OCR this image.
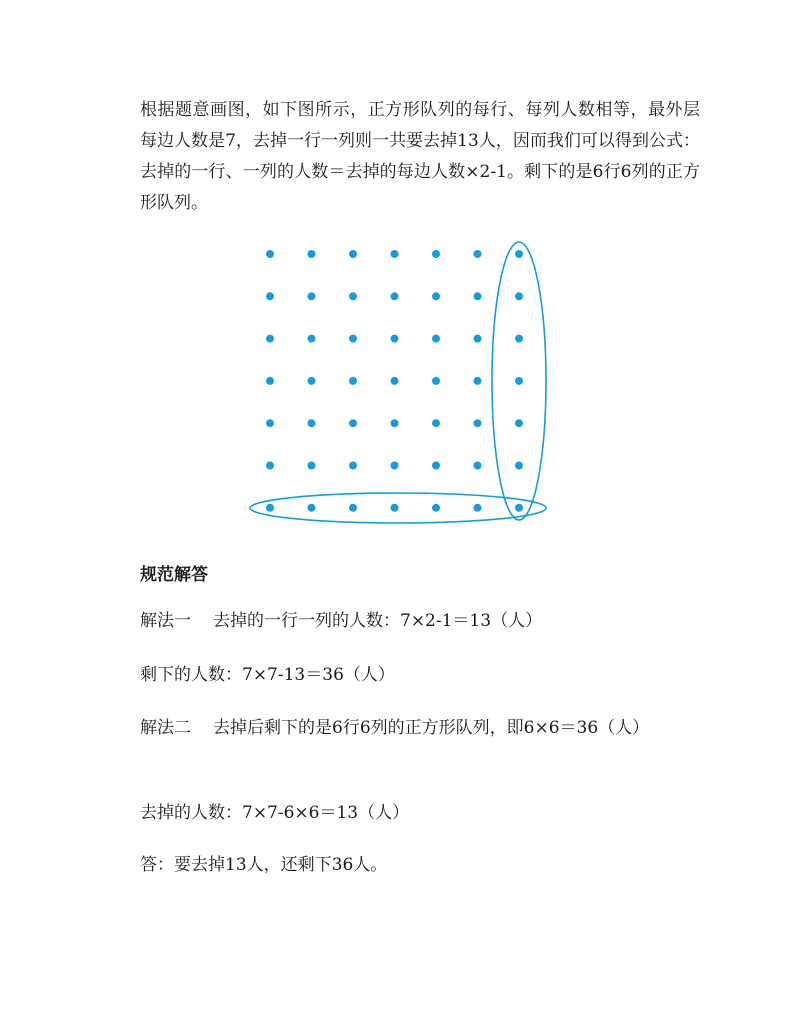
根据题意画图，如下图所示，正方形队列的每行、每列人数相等，最外层每边人数是7，去掉一行一列则一共要去掉13人，因而我们可以得到公式：去掉的一行、一列的人数＝去掉的每边人数×2-1。剩下的是6行6列的正方形队列。

规范解答

解法一 去掉的一行一列的人数：7×2-1＝13（人）

剩下的人数：7×7-13＝36（人）

解法二 去掉后剩下的是6行6列的正方形队列，即6×6＝36（人）

去掉的人数：7×7-6×6＝13（人）

答：要去掉13人，还剩下36人。
